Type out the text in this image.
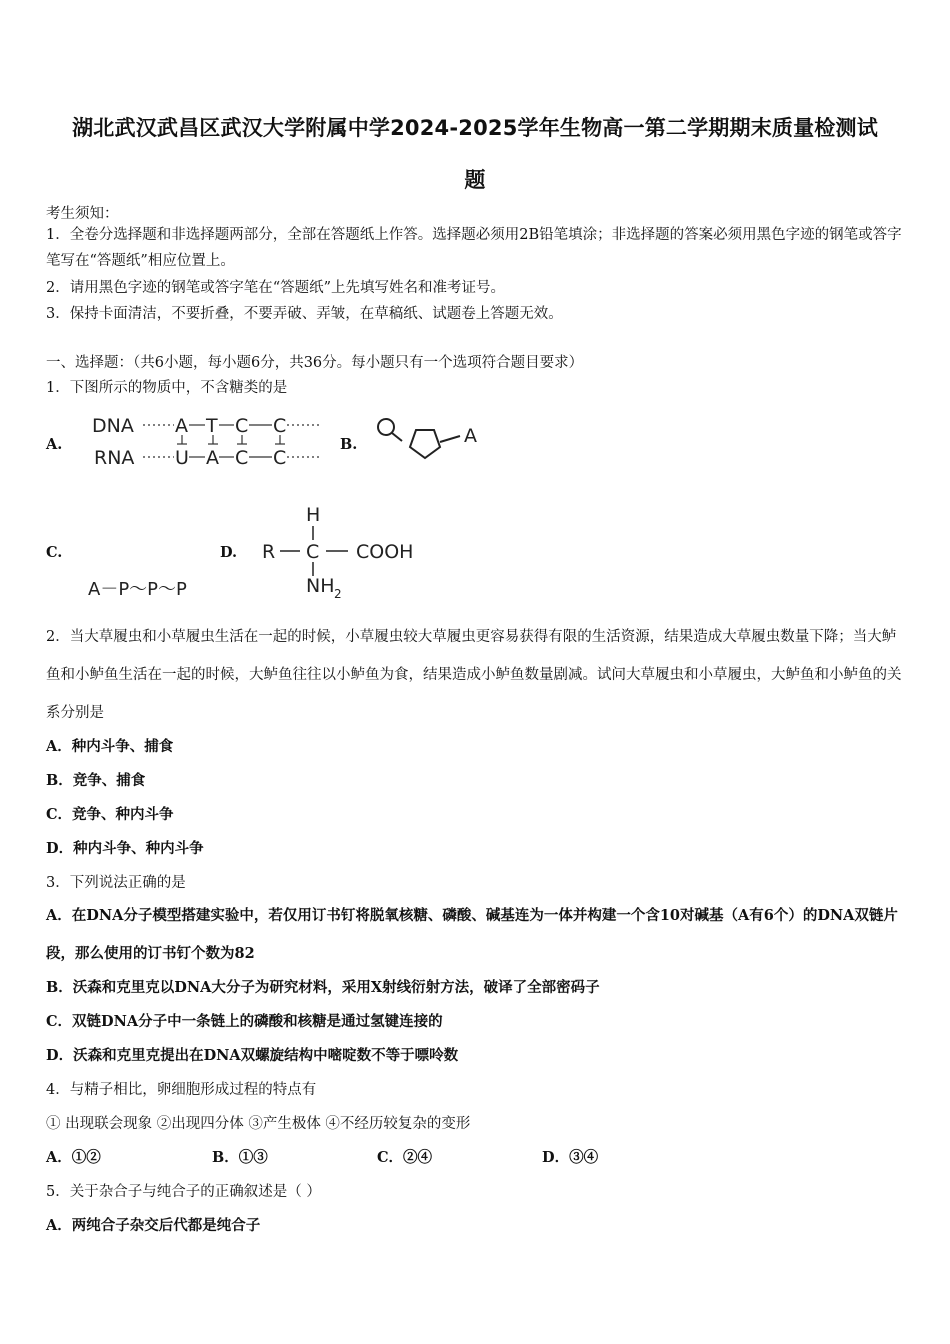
湖北武汉武昌区武汉大学附属中学2024-2025学年生物高一第二学期期末质量检测试
题
考生须知：
1．全卷分选择题和非选择题两部分，全部在答题纸上作答。选择题必须用2B铅笔填涂；非选择题的答案必须用黑色字迹的钢笔或答字笔写在“答题纸”相应位置上。
2．请用黑色字迹的钢笔或答字笔在“答题纸”上先填写姓名和准考证号。
3．保持卡面清洁，不要折叠，不要弄破、弄皱，在草稿纸、试题卷上答题无效。
一、选择题：（共6小题，每小题6分，共36分。每小题只有一个选项符合题目要求）
1．下图所示的物质中，不含糖类的是
A.
DNA A T C C
RNA U A C C
B.	A
C.
A－P～P～P
D.
H
R C COOH
NH 2
2．当大草履虫和小草履虫生活在一起的时候，小草履虫较大草履虫更容易获得有限的生活资源，结果造成大草履虫数量下降；当大鲈鱼和小鲈鱼生活在一起的时候，大鲈鱼往往以小鲈鱼为食，结果造成小鲈鱼数量剧减。试问大草履虫和小草履虫，大鲈鱼和小鲈鱼的关系分别是
A．种内斗争、捕食
B．竞争、捕食
C．竞争、种内斗争
D．种内斗争、种内斗争
3．下列说法正确的是
A．在DNA分子模型搭建实验中，若仅用订书钉将脱氧核糖、磷酸、碱基连为一体并构建一个含10对碱基（A有6个）的DNA双链片段，那么使用的订书钉个数为82
B．沃森和克里克以DNA大分子为研究材料，采用X射线衍射方法，破译了全部密码子
C．双链DNA分子中一条链上的磷酸和核糖是通过氢键连接的
D．沃森和克里克提出在DNA双螺旋结构中嘧啶数不等于嘌呤数
4．与精子相比，卵细胞形成过程的特点有
① 出现联会现象 ②出现四分体 ③产生极体 ④不经历较复杂的变形
A．①②	B．①③	C．②④	D．③④
5．关于杂合子与纯合子的正确叙述是（ ）
A．两纯合子杂交后代都是纯合子
